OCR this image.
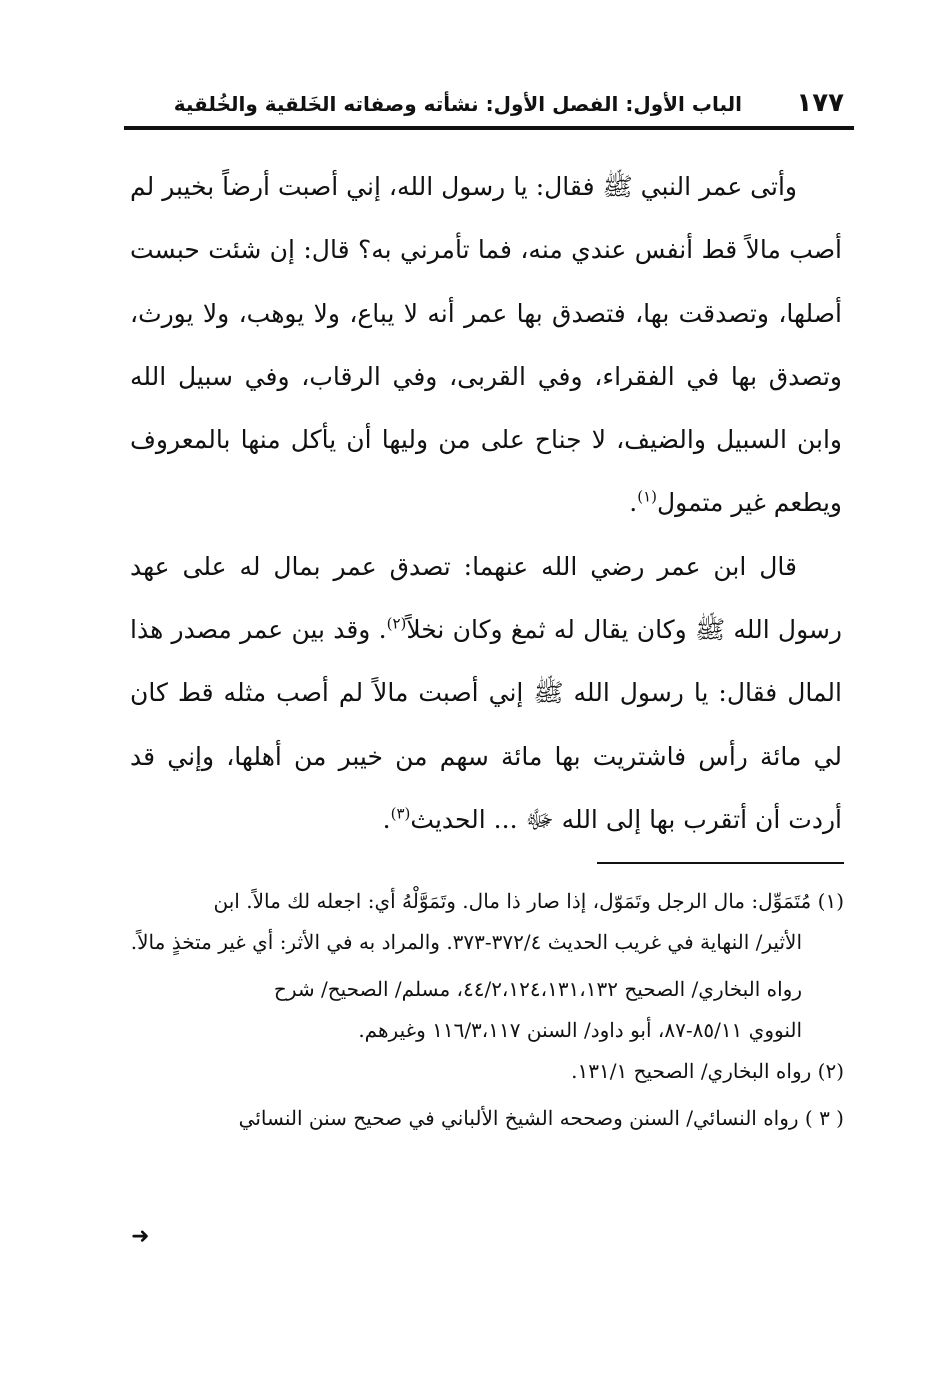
١٧٧
الباب الأول: الفصل الأول: نشأته وصفاته الخَلقية والخُلقية

وأتى عمر النبي ﷺ فقال: يا رسول الله، إني أصبت أرضاً بخيبر لم أصب مالاً قط أنفس عندي منه، فما تأمرني به؟ قال: إن شئت حبست أصلها، وتصدقت بها، فتصدق بها عمر أنه لا يباع، ولا يوهب، ولا يورث، وتصدق بها في الفقراء، وفي القربى، وفي الرقاب، وفي سبيل الله وابن السبيل والضيف، لا جناح على من وليها أن يأكل منها بالمعروف ويطعم غير متمول$^{(١)}$.

قال ابن عمر رضي الله عنهما: تصدق عمر بمال له على عهد رسول الله ﷺ وكان يقال له ثمغ وكان نخلاً$^{(٢)}$. وقد بين عمر مصدر هذا المال فقال: يا رسول الله ﷺ إني أصبت مالاً لم أصب مثله قط كان لي مائة رأس فاشتريت بها مائة سهم من خيبر من أهلها، وإني قد أردت أن أتقرب بها إلى الله ﷻ ... الحديث$^{(٣)}$.

(١) مُتَمَوِّل: مال الرجل وتَمَوّل، إذا صار ذا مال. وتَمَوَّلْهُ أي: اجعله لك مالاً. ابن

الأثير/ النهاية في غريب الحديث ٣٧٢/٤-٣٧٣. والمراد به في الأثر: أي غير متخذٍ مالاً.

رواه البخاري/ الصحيح ٤٤/٢،١٢٤،١٣١،١٣٢، مسلم/ الصحيح/ شرح

النووي ٨٥/١١-٨٧، أبو داود/ السنن ١١٦/٣،١١٧ وغيرهم.

(٢) رواه البخاري/ الصحيح ١٣١/١.

( ٣ ) رواه النسائي/ السنن وصححه الشيخ الألباني في صحيح سنن النسائي

➜
